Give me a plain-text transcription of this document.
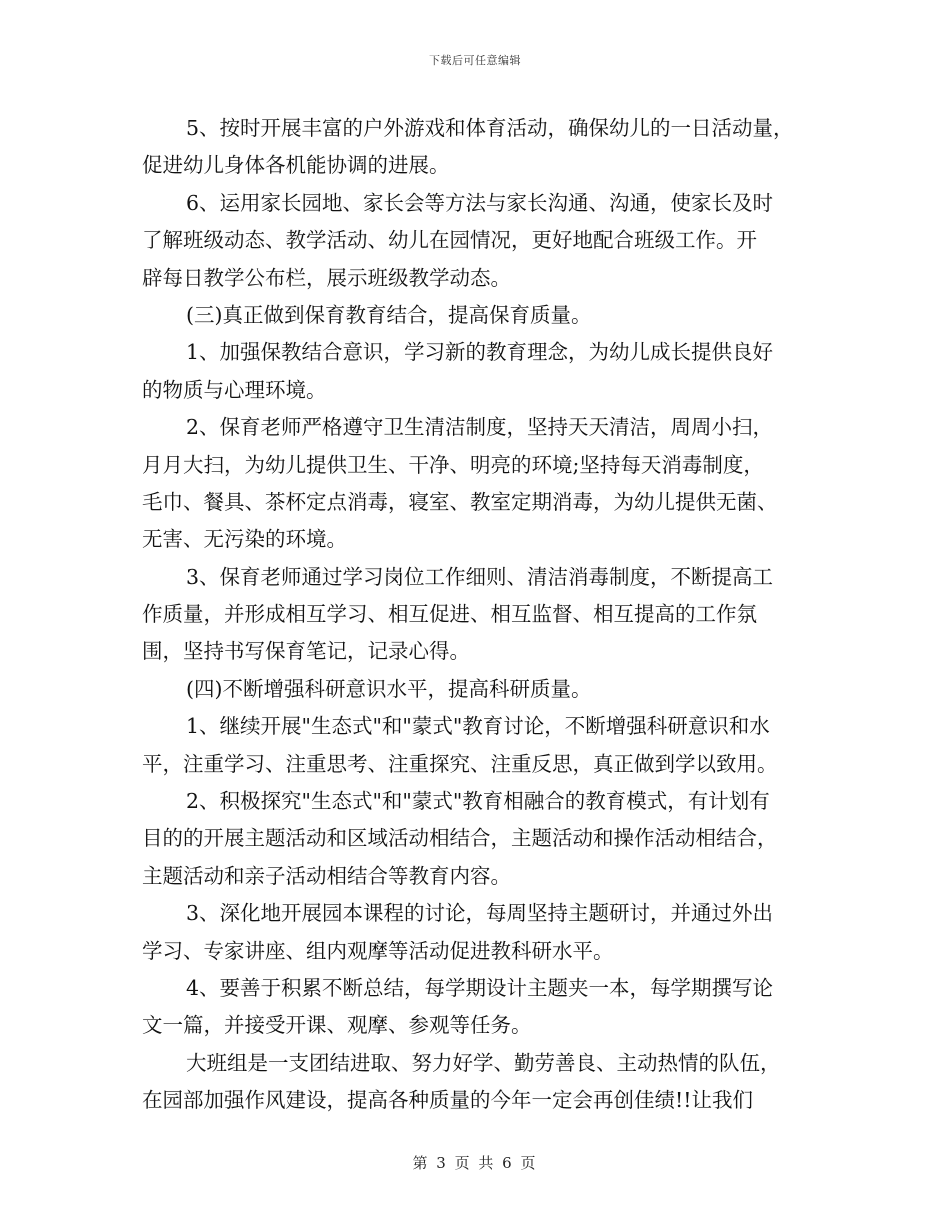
下载后可任意编辑
5、按时开展丰富的户外游戏和体育活动，确保幼儿的一日活动量，
促进幼儿身体各机能协调的进展。
6、运用家长园地、家长会等方法与家长沟通、沟通，使家长及时
了解班级动态、教学活动、幼儿在园情况，更好地配合班级工作。开
辟每日教学公布栏，展示班级教学动态。
(三)真正做到保育教育结合，提高保育质量。
1、加强保教结合意识，学习新的教育理念，为幼儿成长提供良好
的物质与心理环境。
2、保育老师严格遵守卫生清洁制度，坚持天天清洁，周周小扫，
月月大扫，为幼儿提供卫生、干净、明亮的环境;坚持每天消毒制度，
毛巾、餐具、茶杯定点消毒，寝室、教室定期消毒，为幼儿提供无菌、
无害、无污染的环境。
3、保育老师通过学习岗位工作细则、清洁消毒制度，不断提高工
作质量，并形成相互学习、相互促进、相互监督、相互提高的工作氛
围，坚持书写保育笔记，记录心得。
(四)不断增强科研意识水平，提高科研质量。
1、继续开展"生态式"和"蒙式"教育讨论，不断增强科研意识和水
平，注重学习、注重思考、注重探究、注重反思，真正做到学以致用。
2、积极探究"生态式"和"蒙式"教育相融合的教育模式，有计划有
目的的开展主题活动和区域活动相结合，主题活动和操作活动相结合，
主题活动和亲子活动相结合等教育内容。
3、深化地开展园本课程的讨论，每周坚持主题研讨，并通过外出
学习、专家讲座、组内观摩等活动促进教科研水平。
4、要善于积累不断总结，每学期设计主题夹一本，每学期撰写论
文一篇，并接受开课、观摩、参观等任务。
大班组是一支团结进取、努力好学、勤劳善良、主动热情的队伍，
在园部加强作风建设，提高各种质量的今年一定会再创佳绩!!让我们
第 3 页 共 6 页
